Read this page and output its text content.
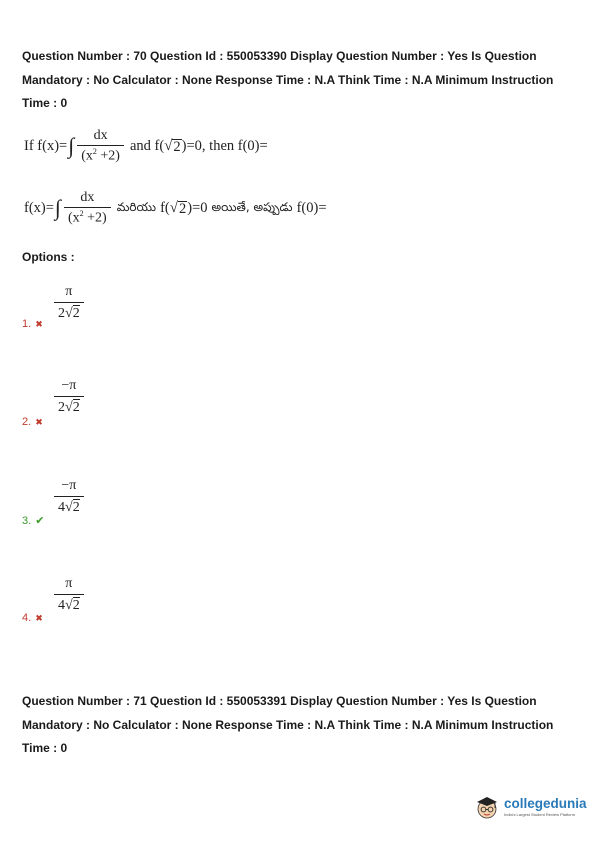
Question Number : 70 Question Id : 550053390 Display Question Number : Yes Is Question
Mandatory : No Calculator : None Response Time : N.A Think Time : N.A Minimum Instruction
Time : 0
If f(x)= ∫ $\frac{dx}{(x^2 +2)}$ and f( √ 2 )=0, then f(0)=
f(x)= ∫ $\frac{dx}{(x^2 +2)}$ మరియు f( √ 2 )=0 అయితే, అప్పుడు f(0)=
Options :
$\frac{\pi}{2 √ 2}$
1. ✖
$\frac{-\pi}{2 √ 2}$
2. ✖
$\frac{-\pi}{4 √ 2}$
3. ✔
$\frac{\pi}{4 √ 2}$
4. ✖
Question Number : 71 Question Id : 550053391 Display Question Number : Yes Is Question
Mandatory : No Calculator : None Response Time : N.A Think Time : N.A Minimum Instruction
Time : 0
collegedunia
India's Largest Student Review Platform
